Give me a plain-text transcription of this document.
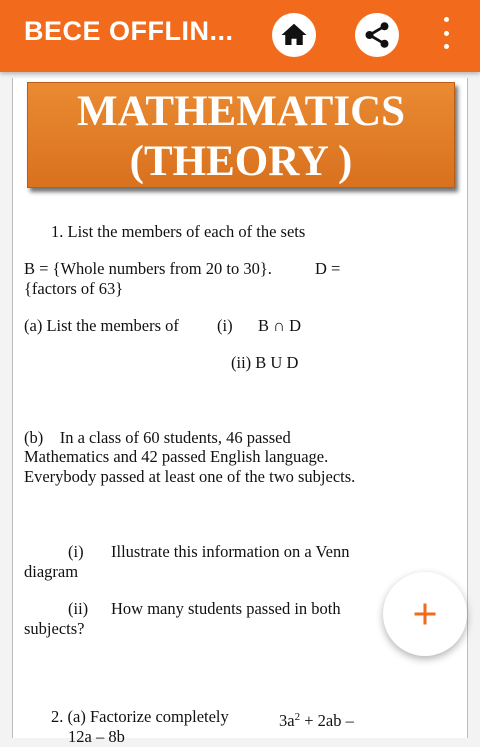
BECE OFFLIN...
MATHEMATICS
(THEORY )
1. List the members of each of the sets
B = {Whole numbers from 20 to 30}.	D =
{factors of 63}
(a) List the members of (i) B ∩ D
(ii) B U D
(b)    In a class of 60 students, 46 passed
Mathematics and 42 passed English language.
Everybody passed at least one of the two subjects.
(i) Illustrate this information on a Venn
diagram
(ii) How many students passed in both
subjects?
2. (a) Factorize completely	$3a^2 + 2ab$ –
12a – 8b
